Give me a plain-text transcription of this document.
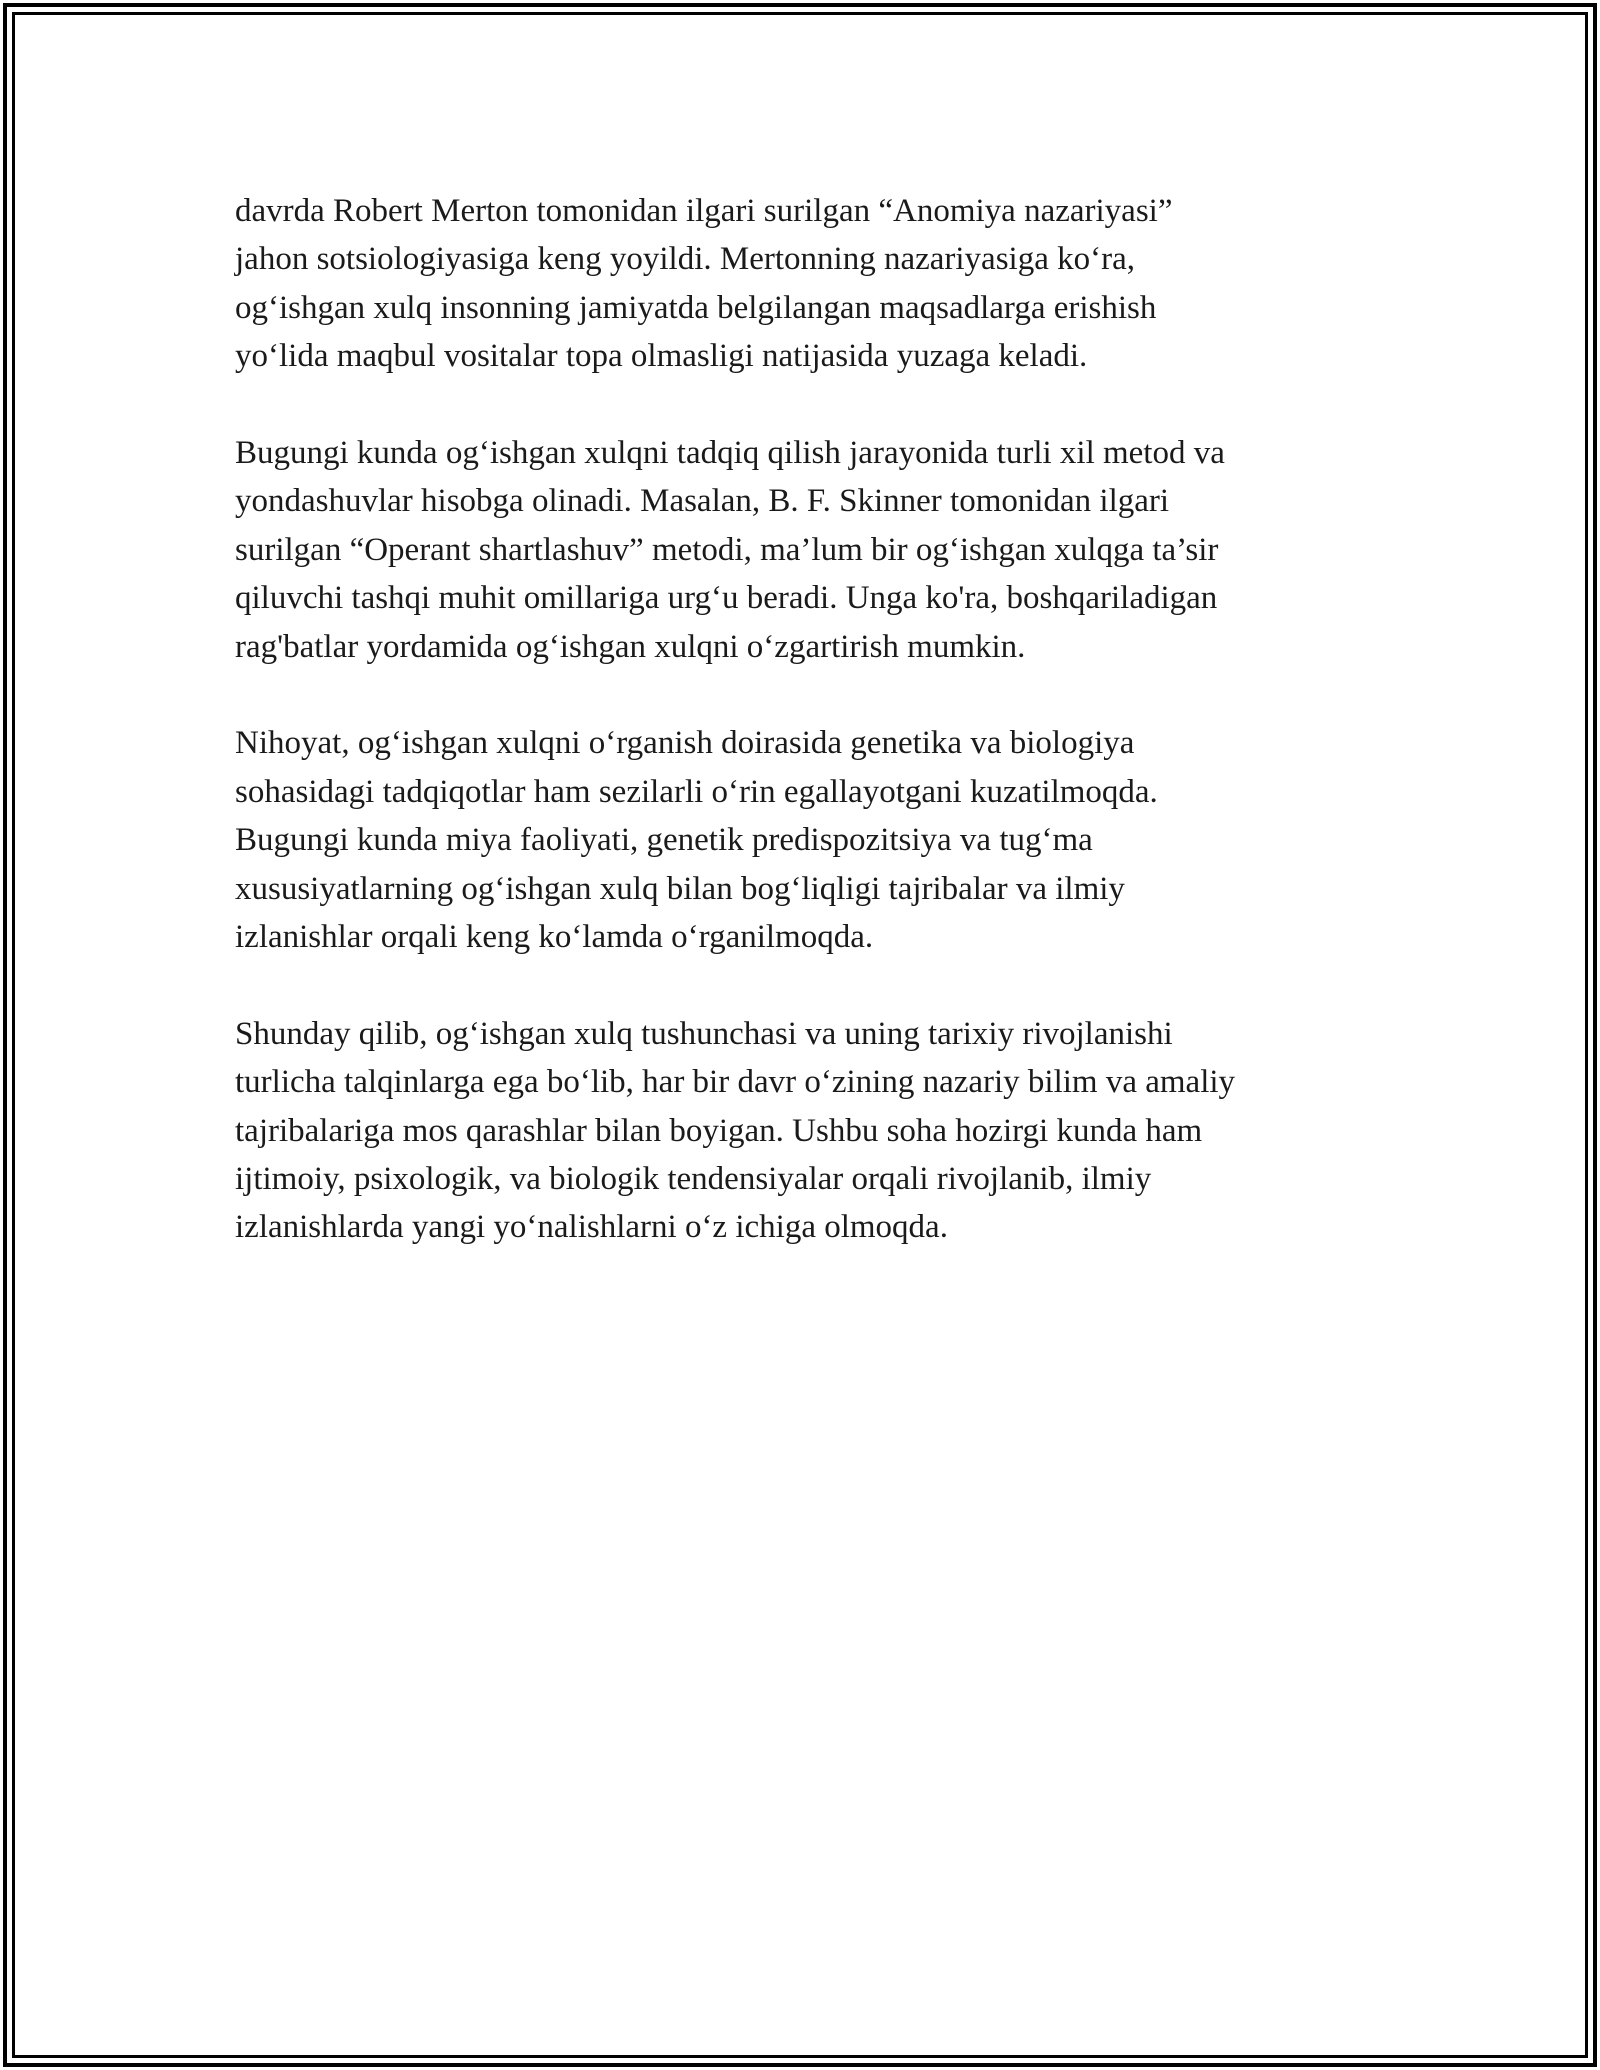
davrda Robert Merton tomonidan ilgari surilgan “Anomiya nazariyasi”
jahon sotsiologiyasiga keng yoyildi. Mertonning nazariyasiga koʻra,
ogʻishgan xulq insonning jamiyatda belgilangan maqsadlarga erishish
yoʻlida maqbul vositalar topa olmasligi natijasida yuzaga keladi.

Bugungi kunda ogʻishgan xulqni tadqiq qilish jarayonida turli xil metod va
yondashuvlar hisobga olinadi. Masalan, B. F. Skinner tomonidan ilgari
surilgan “Operant shartlashuv” metodi, ma’lum bir ogʻishgan xulqga ta’sir
qiluvchi tashqi muhit omillariga urgʻu beradi. Unga ko'ra, boshqariladigan
rag'batlar yordamida ogʻishgan xulqni oʻzgartirish mumkin.

Nihoyat, ogʻishgan xulqni oʻrganish doirasida genetika va biologiya
sohasidagi tadqiqotlar ham sezilarli oʻrin egallayotgani kuzatilmoqda.
Bugungi kunda miya faoliyati, genetik predispozitsiya va tugʻma
xususiyatlarning ogʻishgan xulq bilan bogʻliqligi tajribalar va ilmiy
izlanishlar orqali keng koʻlamda oʻrganilmoqda.

Shunday qilib, ogʻishgan xulq tushunchasi va uning tarixiy rivojlanishi
turlicha talqinlarga ega boʻlib, har bir davr oʻzining nazariy bilim va amaliy
tajribalariga mos qarashlar bilan boyigan. Ushbu soha hozirgi kunda ham
ijtimoiy, psixologik, va biologik tendensiyalar orqali rivojlanib, ilmiy
izlanishlarda yangi yoʻnalishlarni oʻz ichiga olmoqda.
